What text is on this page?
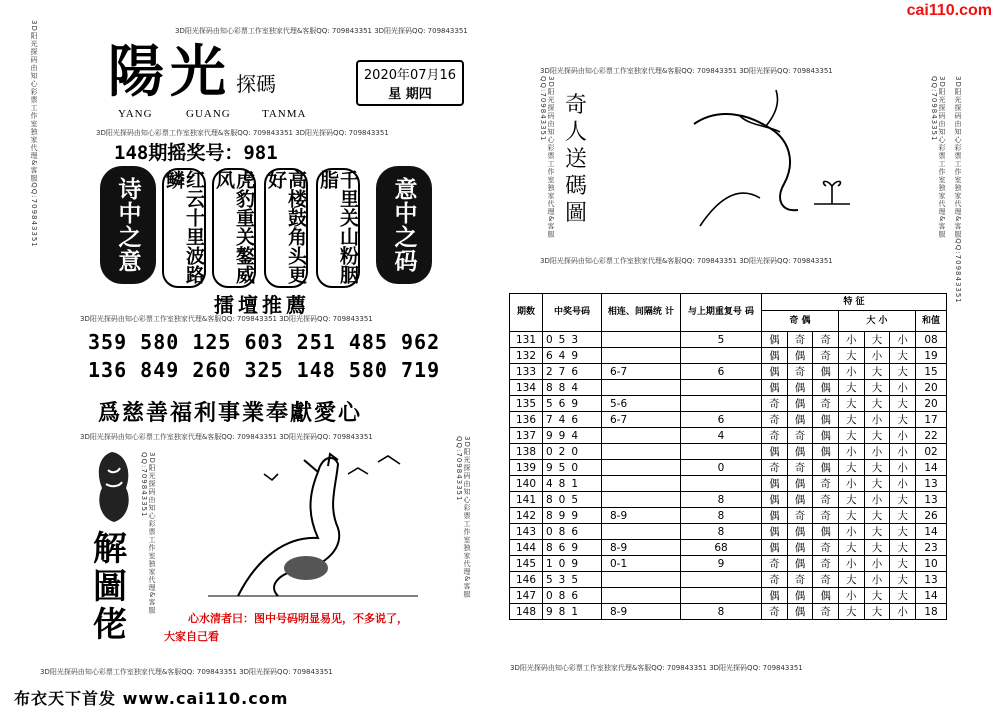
cai110.com
3D阳光探码由知心彩票工作室独家代理&客服QQ:709843351	3D阳光探码由知心彩票工作室独家代理&客服QQ: 709843351 3D阳光探码QQ: 709843351
陽光 探碼
YANG	GUANG	TANMA
2020年07月16
星 期四
3D阳光探码由知心彩票工作室独家代理&客服QQ: 709843351 3D阳光探码QQ: 709843351
148期摇奖号：981
诗中之意	红云十里波路鳞	虎豹重关鏊威风	高楼鼓角头更好	千里关山粉胭脂	意中之码
擂壇推薦
3D阳光探码由知心彩票工作室独家代理&客服QQ: 709843351 3D阳光探码QQ: 709843351
359 580 125 603 251 485 962
136 849 260 325 148 580 719
爲慈善福利事業奉獻愛心
3D阳光探码由知心彩票工作室独家代理&客服QQ: 709843351 3D阳光探码QQ: 709843351
解圖佬
3D阳光探码由知心彩票工作室独家代理&客服QQ:709843351	3D阳光探码由知心彩票工作室独家代理&客服QQ:709843351
心水清者曰：图中号码明显易见，不多说了，
大家自己看
3D阳光探码由知心彩票工作室独家代理&客服QQ: 709843351 3D阳光探码QQ: 709843351
布衣天下首发 www.cai110.com
3D阳光探码由知心彩票工作室独家代理&客服QQ: 709843351 3D阳光探码QQ: 709843351
3D阳光探码由知心彩票工作室独家代理&客服QQ:709843351	3D阳光探码由知心彩票工作室独家代理&客服QQ:709843351	3D阳光探码由知心彩票工作室独家代理&客服QQ:709843351
奇人送碼圖
3D阳光探码由知心彩票工作室独家代理&客服QQ: 709843351 3D阳光探码QQ: 709843351
期数	中奖号码	相连、间隔统 计	与上期重复号 码	特 征						
				奇 偶			大 小			和值
131	053		5	偶	奇	奇	小	大	小	08
132	649			偶	偶	奇	大	小	大	19
133	276	6-7	6	偶	奇	偶	小	大	大	15
134	884			偶	偶	偶	大	大	小	20
135	569	5-6		奇	偶	奇	大	大	大	20
136	746	6-7	6	奇	偶	偶	大	小	大	17
137	994		4	奇	奇	偶	大	大	小	22
138	020			偶	偶	偶	小	小	小	02
139	950		0	奇	奇	偶	大	大	小	14
140	481			偶	偶	奇	小	大	小	13
141	805		8	偶	偶	奇	大	小	大	13
142	899	8-9	8	偶	奇	奇	大	大	大	26
143	086		8	偶	偶	偶	小	大	大	14
144	869	8-9	68	偶	偶	奇	大	大	大	23
145	109	0-1	9	奇	偶	奇	小	小	大	10
146	535			奇	奇	奇	大	小	大	13
147	086			偶	偶	偶	小	大	大	14
148	981	8-9	8	奇	偶	奇	大	大	小	18
3D阳光探码由知心彩票工作室独家代理&客服QQ: 709843351 3D阳光探码QQ: 709843351
